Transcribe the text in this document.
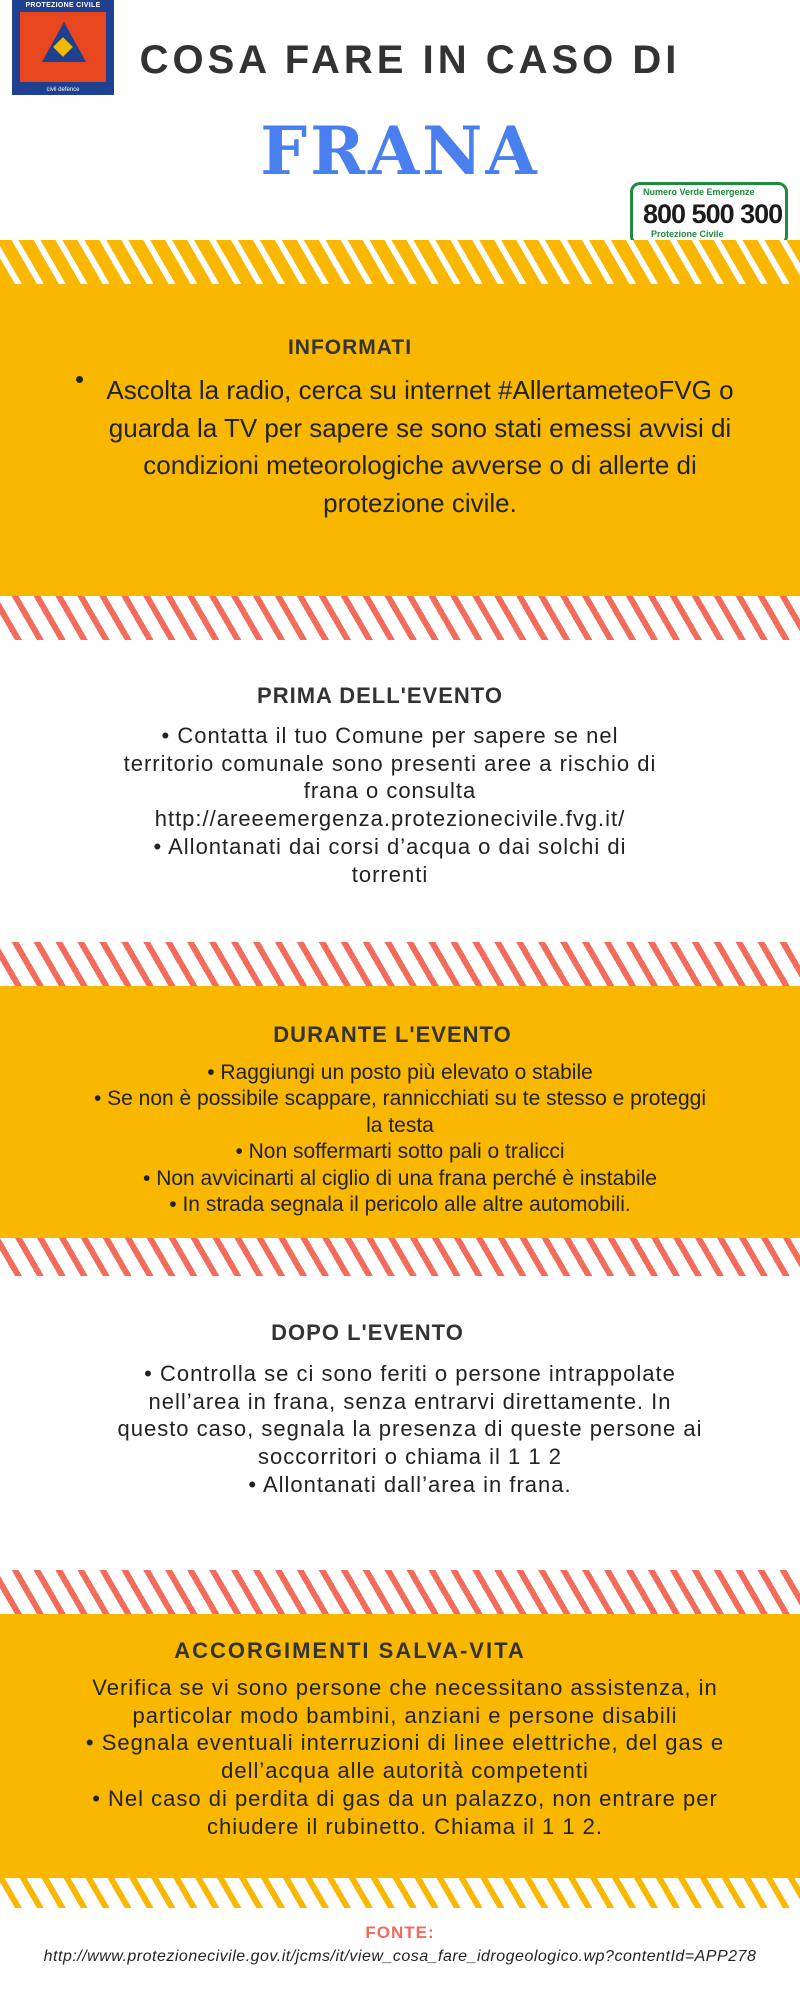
PROTEZIONE CIVILE
civil defence
COSA FARE IN CASO DI
FRANA
Numero Verde Emergenze
800 500 300
Protezione Civile
INFORMATI
• Ascolta la radio, cerca su internet #AllertameteoFVG o guarda la TV per sapere se sono stati emessi avvisi di condizioni meteorologiche avverse o di allerte di protezione civile.
PRIMA DELL'EVENTO
• Contatta il tuo Comune per sapere se nel
territorio comunale sono presenti aree a rischio di
frana o consulta
http://areeemergenza.protezionecivile.fvg.it/
• Allontanati dai corsi d’acqua o dai solchi di
torrenti
DURANTE L'EVENTO
• Raggiungi un posto più elevato o stabile
• Se non è possibile scappare, rannicchiati su te stesso e proteggi
la testa
• Non soffermarti sotto pali o tralicci
• Non avvicinarti al ciglio di una frana perché è instabile
• In strada segnala il pericolo alle altre automobili.
DOPO L'EVENTO
• Controlla se ci sono feriti o persone intrappolate
nell’area in frana, senza entrarvi direttamente. In
questo caso, segnala la presenza di queste persone ai
soccorritori o chiama il 1 1 2
• Allontanati dall’area in frana.
ACCORGIMENTI SALVA-VITA
Verifica se vi sono persone che necessitano assistenza, in
particolar modo bambini, anziani e persone disabili
• Segnala eventuali interruzioni di linee elettriche, del gas e
dell’acqua alle autorità competenti
• Nel caso di perdita di gas da un palazzo, non entrare per
chiudere il rubinetto. Chiama il 1 1 2.
FONTE:
http://www.protezionecivile.gov.it/jcms/it/view_cosa_fare_idrogeologico.wp?contentId=APP278
